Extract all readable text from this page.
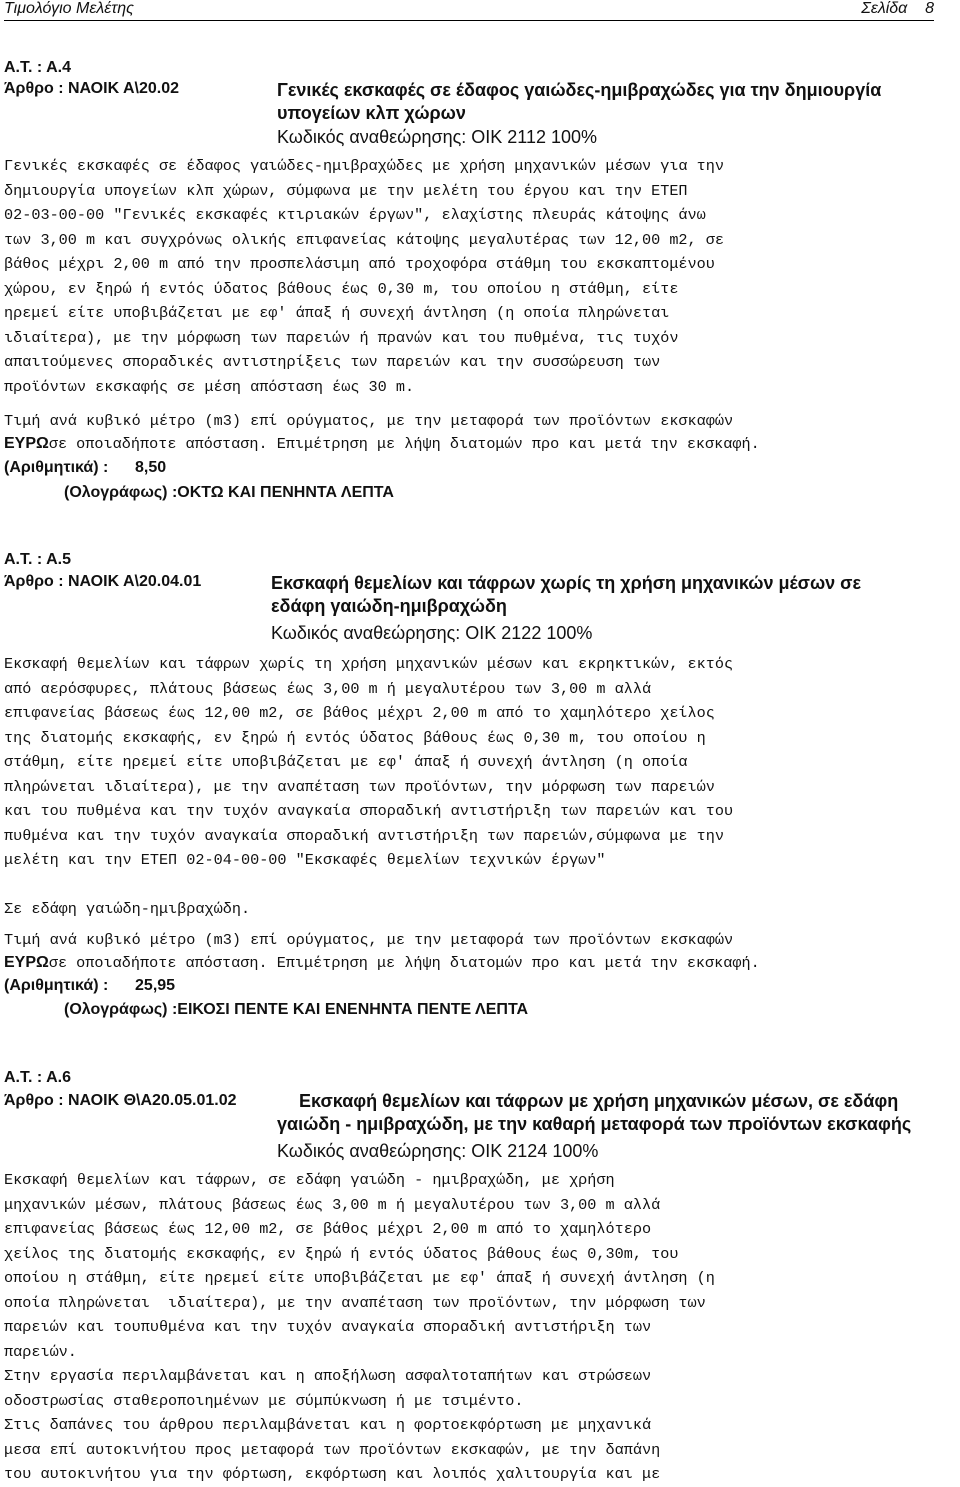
Τιμολόγιο Μελέτης	Σελίδα 8
Α.Τ. : Α.4
Άρθρο : ΝΑΟΙΚ Α\20.02	Γενικές εκσκαφές σε έδαφος γαιώδες-ημιβραχώδες για την δημιουργία
υπογείων κλπ χώρων
Κωδικός αναθεώρησης: ΟΙΚ 2112 100%
Γενικές εκσκαφές σε έδαφος γαιώδες-ημιβραχώδες με χρήση μηχανικών μέσων για την
δημιουργία υπογείων κλπ χώρων, σύμφωνα με την μελέτη του έργου και την ΕΤΕΠ
02-03-00-00 "Γενικές εκσκαφές κτιριακών έργων", ελαχίστης πλευράς κάτοψης άνω
των 3,00 m και συγχρόνως ολικής επιφανείας κάτοψης μεγαλυτέρας των 12,00 m2, σε
βάθος μέχρι 2,00 m από την προσπελάσιμη από τροχοφόρα στάθμη του εκσκαπτομένου
χώρου, εν ξηρώ ή εντός ύδατος βάθους έως 0,30 m, του οποίου η στάθμη, είτε
ηρεμεί είτε υποβιβάζεται με εφ' άπαξ ή συνεχή άντληση (η οποία πληρώνεται
ιδιαίτερα), με την μόρφωση των παρειών ή πρανών και του πυθμένα, τις τυχόν
απαιτούμενες σποραδικές αντιστηρίξεις των παρειών και την συσσώρευση των
προϊόντων εκσκαφής σε μέση απόσταση έως 30 m.
Τιμή ανά κυβικό μέτρο (m3) επί ορύγματος, με την μεταφορά των προϊόντων εκσκαφών
ΕΥΡΩσε οποιαδήποτε απόσταση. Επιμέτρηση με λήψη διατομών προ και μετά την εκσκαφή.
(Αριθμητικά) : 8,50
(Ολογράφως) :ΟΚΤΩ ΚΑΙ ΠΕΝΗΝΤΑ ΛΕΠΤΑ
Α.Τ. : Α.5
Άρθρο : ΝΑΟΙΚ Α\20.04.01	Εκσκαφή θεμελίων και τάφρων χωρίς τη χρήση μηχανικών μέσων σε
εδάφη γαιώδη-ημιβραχώδη
Κωδικός αναθεώρησης: ΟΙΚ 2122 100%
Εκσκαφή θεμελίων και τάφρων χωρίς τη χρήση μηχανικών μέσων και εκρηκτικών, εκτός
από αερόσφυρες, πλάτους βάσεως έως 3,00 m ή μεγαλυτέρου των 3,00 m αλλά
επιφανείας βάσεως έως 12,00 m2, σε βάθος μέχρι 2,00 m από το χαμηλότερο χείλος
της διατομής εκσκαφής, εν ξηρώ ή εντός ύδατος βάθους έως 0,30 m, του οποίου η
στάθμη, είτε ηρεμεί είτε υποβιβάζεται με εφ' άπαξ ή συνεχή άντληση (η οποία
πληρώνεται ιδιαίτερα), με την αναπέταση των προϊόντων, την μόρφωση των παρειών
και του πυθμένα και την τυχόν αναγκαία σποραδική αντιστήριξη των παρειών και του
πυθμένα και την τυχόν αναγκαία σποραδική αντιστήριξη των παρειών,σύμφωνα με την
μελέτη και την ΕΤΕΠ 02-04-00-00 "Εκσκαφές θεμελίων τεχνικών έργων"
Σε εδάφη γαιώδη-ημιβραχώδη.
Τιμή ανά κυβικό μέτρο (m3) επί ορύγματος, με την μεταφορά των προϊόντων εκσκαφών
ΕΥΡΩσε οποιαδήποτε απόσταση. Επιμέτρηση με λήψη διατομών προ και μετά την εκσκαφή.
(Αριθμητικά) : 25,95
(Ολογράφως) :ΕΙΚΟΣΙ ΠΕΝΤΕ ΚΑΙ ΕΝΕΝΗΝΤΑ ΠΕΝΤΕ ΛΕΠΤΑ
Α.Τ. : Α.6
Άρθρο : ΝΑΟΙΚ Θ\Α20.05.01.02	Εκσκαφή θεμελίων και τάφρων με χρήση μηχανικών μέσων, σε εδάφη
γαιώδη - ημιβραχώδη, με την καθαρή μεταφορά των προϊόντων εκσκαφής
Κωδικός αναθεώρησης: ΟΙΚ 2124 100%
Εκσκαφή θεμελίων και τάφρων, σε εδάφη γαιώδη - ημιβραχώδη, με χρήση
μηχανικών μέσων, πλάτους βάσεως έως 3,00 m ή μεγαλυτέρου των 3,00 m αλλά
επιφανείας βάσεως έως 12,00 m2, σε βάθος μέχρι 2,00 m από το χαμηλότερο
χείλος της διατομής εκσκαφής, εν ξηρώ ή εντός ύδατος βάθους έως 0,30m, του
οποίου η στάθμη, είτε ηρεμεί είτε υποβιβάζεται με εφ' άπαξ ή συνεχή άντληση (η
οποία πληρώνεται  ιδιαίτερα), με την αναπέταση των προϊόντων, την μόρφωση των
παρειών και τουπυθμένα και την τυχόν αναγκαία σποραδική αντιστήριξη των
παρειών.
Στην εργασία περιλαμβάνεται και η αποξήλωση ασφαλτοταπήτων και στρώσεων
οδοστρωσίας σταθεροποιημένων με σύμπύκνωση ή με τσιμέντο.
Στις δαπάνες του άρθρου περιλαμβάνεται και η φορτοεκφόρτωση με μηχανικά
μεσα επί αυτοκινήτου προς μεταφορά των προϊόντων εκσκαφών, με την δαπάνη
του αυτοκινήτου για την φόρτωση, εκφόρτωση και λοιπός χαλιτουργία και με
